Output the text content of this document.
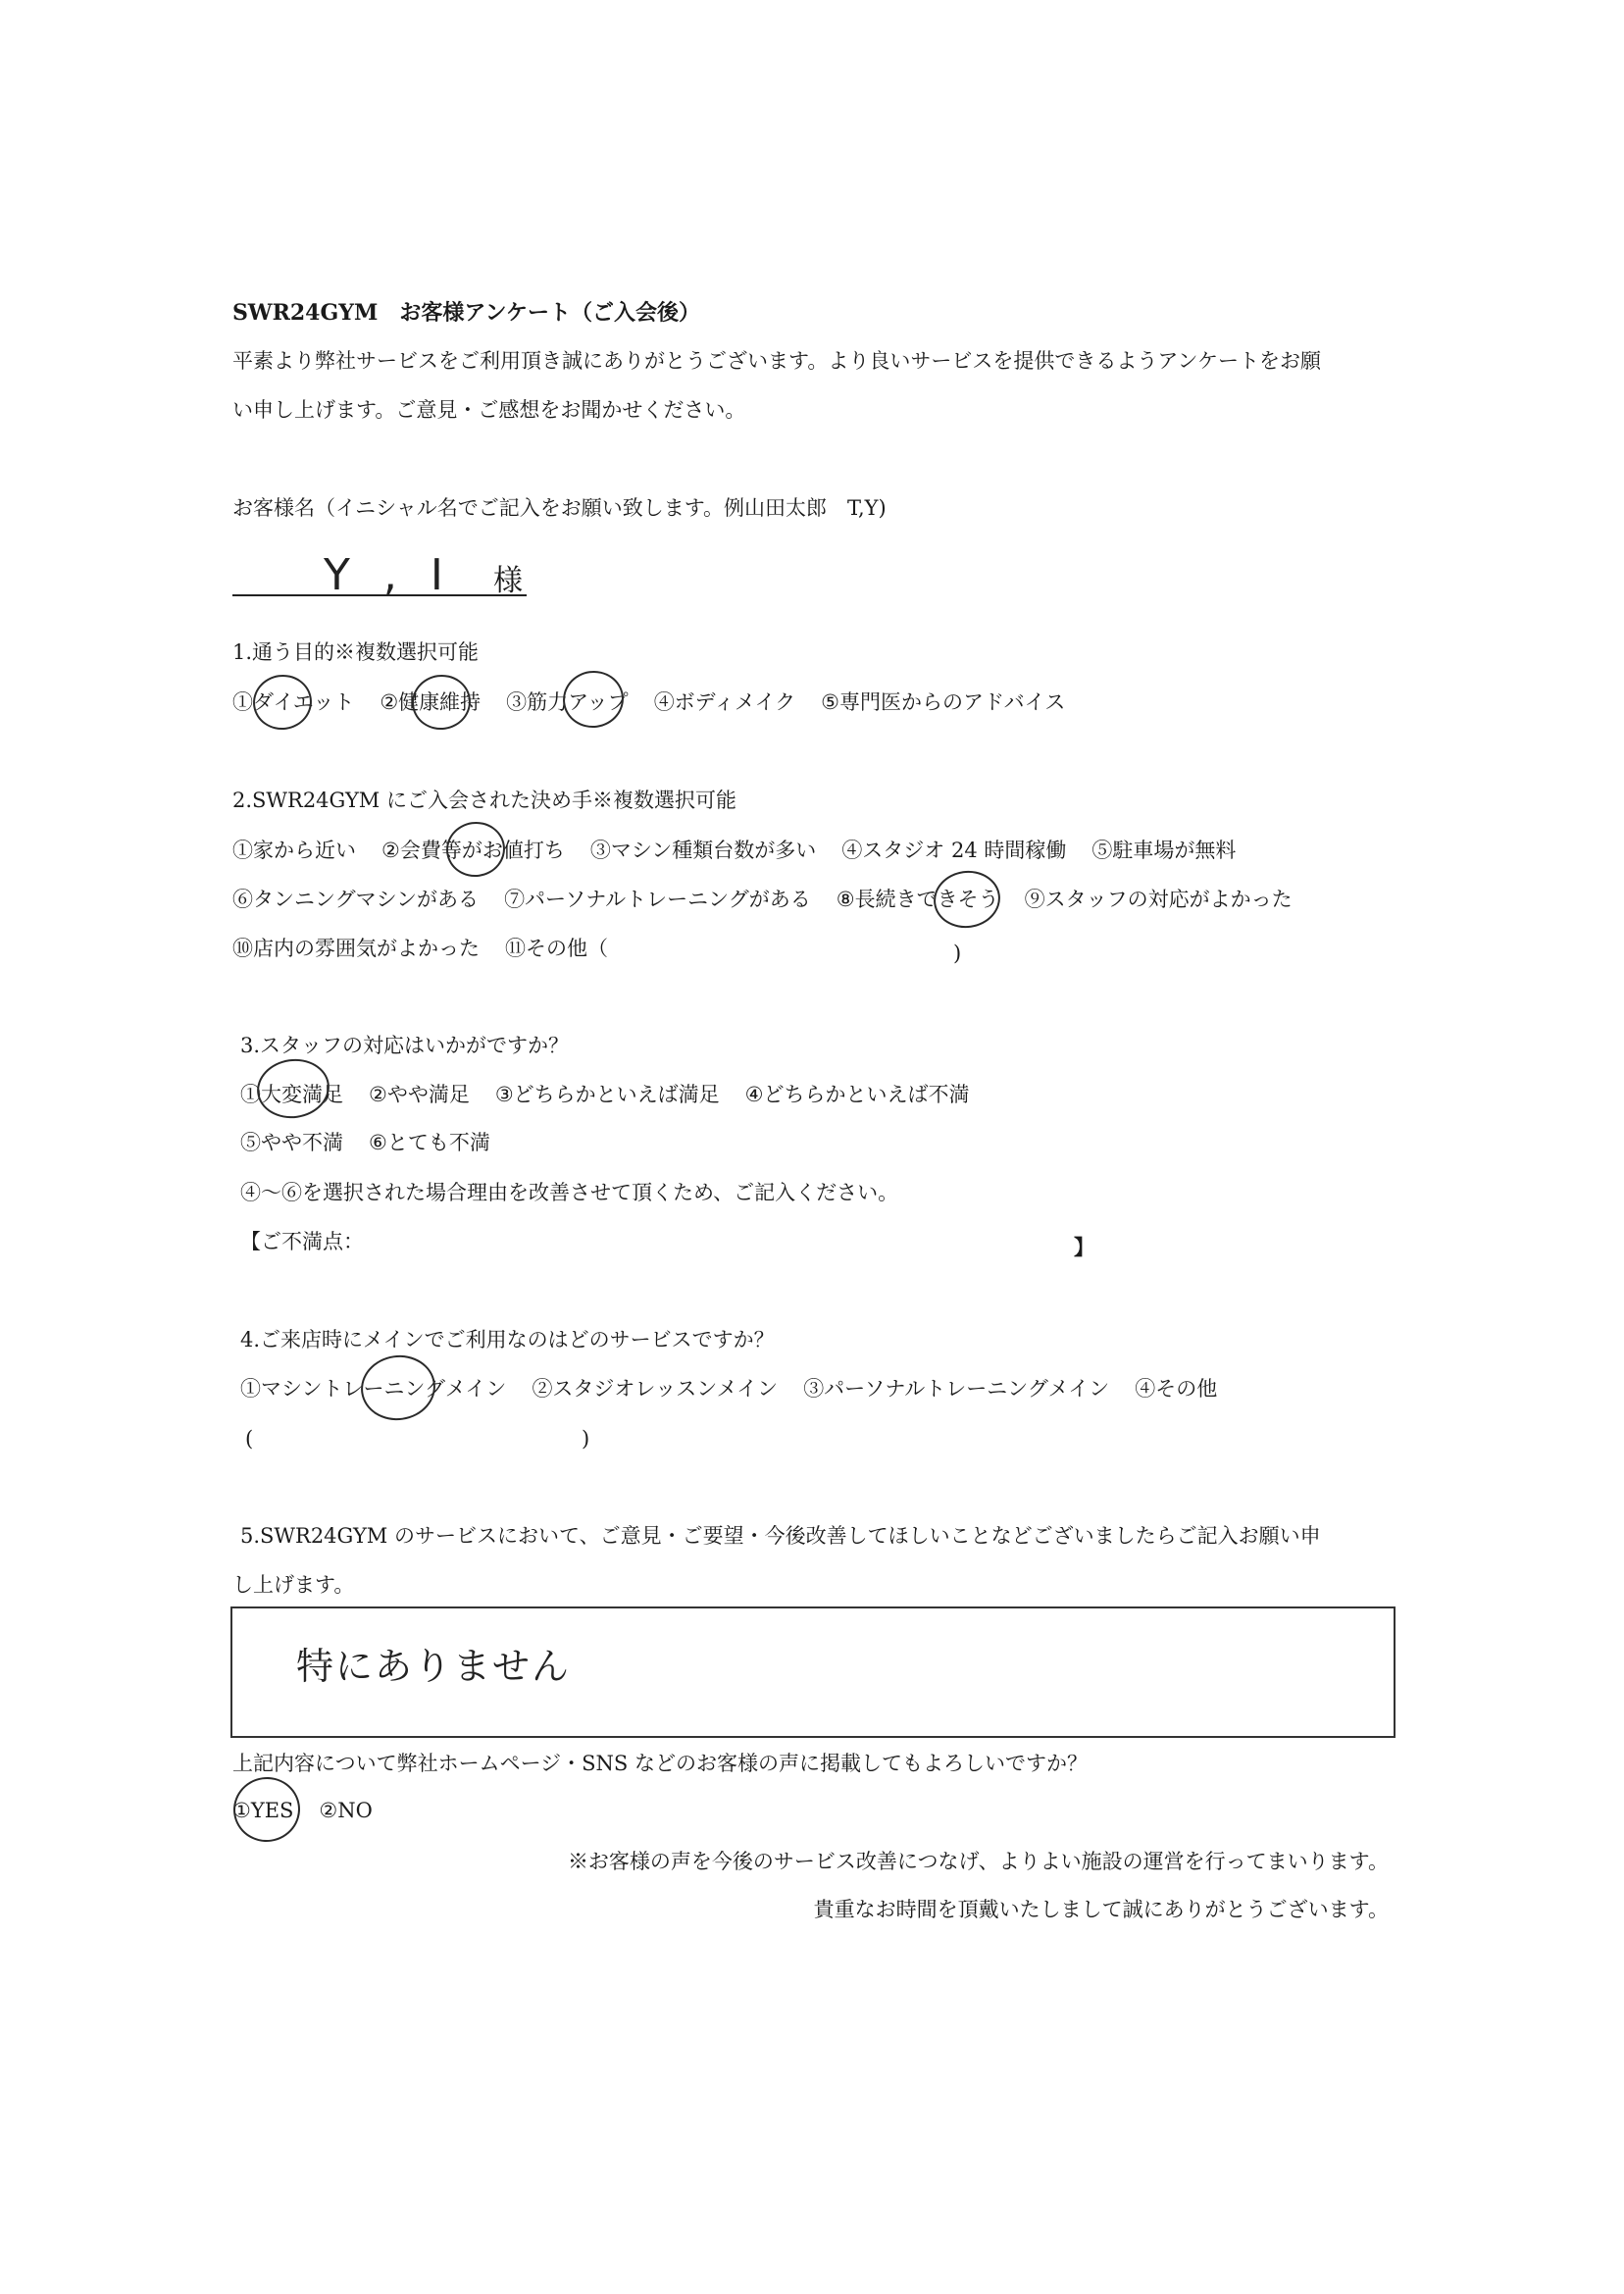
SWR24GYM　 お客様アンケート（ご入会後）
平素より弊社サービスをご利用頂き誠にありがとうございます。より良いサービスを提供できるようアンケートをお願
い申し上げます。ご意見・ご感想をお聞かせください。
お客様名（イニシャル名でご記入をお願い致します。例山田太郎　T,Y)
Y , I 様
1.通う目的※複数選択可能
①ダイエット ②健康維持 ③筋力アップ ④ボディメイク ⑤専門医からのアドバイス
2.SWR24GYM にご入会された決め手※複数選択可能
①家から近い ②会費等がお値打ち ③マシン種類台数が多い ④スタジオ 24 時間稼働 ⑤駐車場が無料
⑥タンニングマシンがある ⑦パーソナルトレーニングがある ⑧長続きできそう ⑨スタッフの対応がよかった
⑩店内の雰囲気がよかった ⑪その他（	)
3.スタッフの対応はいかがですか？
①大変満足 ②やや満足 ③どちらかといえば満足 ④どちらかといえば不満
⑤やや不満 ⑥とても不満
④～⑥を選択された場合理由を改善させて頂くため、ご記入ください。
【ご不満点：	】
4.ご来店時にメインでご利用なのはどのサービスですか？
①マシントレーニングメイン ②スタジオレッスンメイン ③パーソナルトレーニングメイン ④その他
(	)
5.SWR24GYM のサービスにおいて、ご意見・ご要望・今後改善してほしいことなどございましたらご記入お願い申
し上げます。
特にありません
上記内容について弊社ホームページ・SNS などのお客様の声に掲載してもよろしいですか？
①YES ②NO
※お客様の声を今後のサービス改善につなげ、よりよい施設の運営を行ってまいります。
貴重なお時間を頂戴いたしまして誠にありがとうございます。
